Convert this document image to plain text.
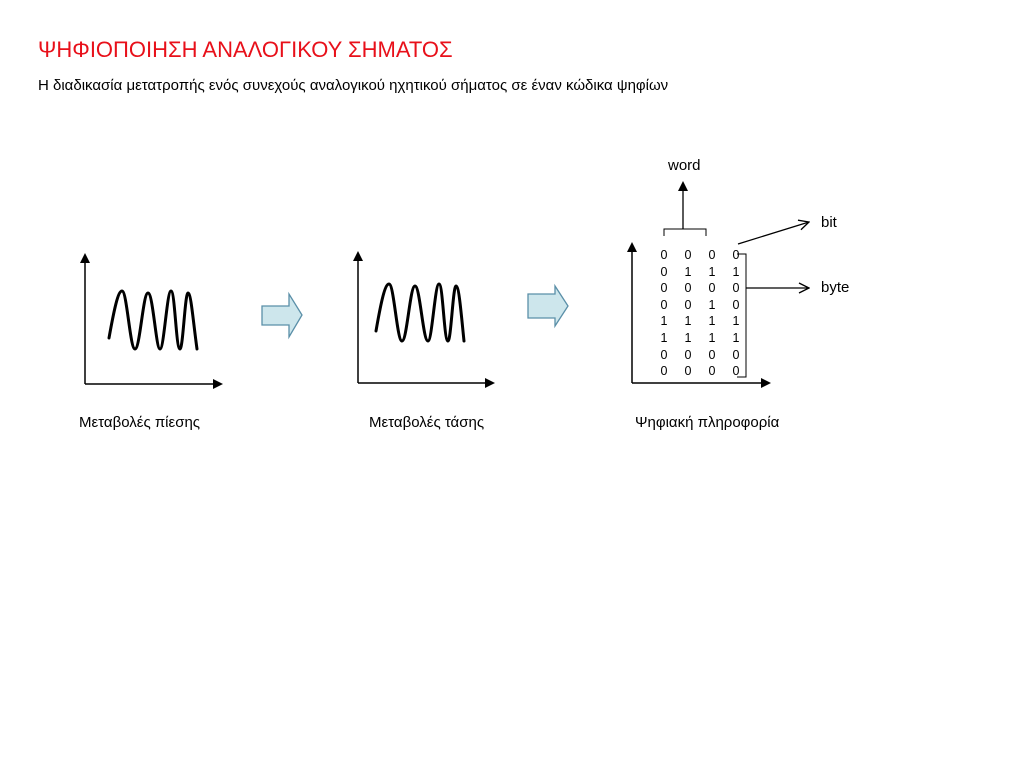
ΨΗΦΙΟΠΟΙΗΣΗ ΑΝΑΛΟΓΙΚΟΥ ΣΗΜΑΤΟΣ

Η διαδικασία μετατροπής ενός συνεχούς αναλογικού ηχητικού σήματος σε έναν κώδικα ψηφίων

word
bit
byte
0	0	0	0
0	1	1	1
0	0	0	0
0	0	1	0
1	1	1	1
1	1	1	1
0	0	0	0
0	0	0	0
Μεταβολές πίεσης	Μεταβολές τάσης	Ψηφιακή πληροφορία
